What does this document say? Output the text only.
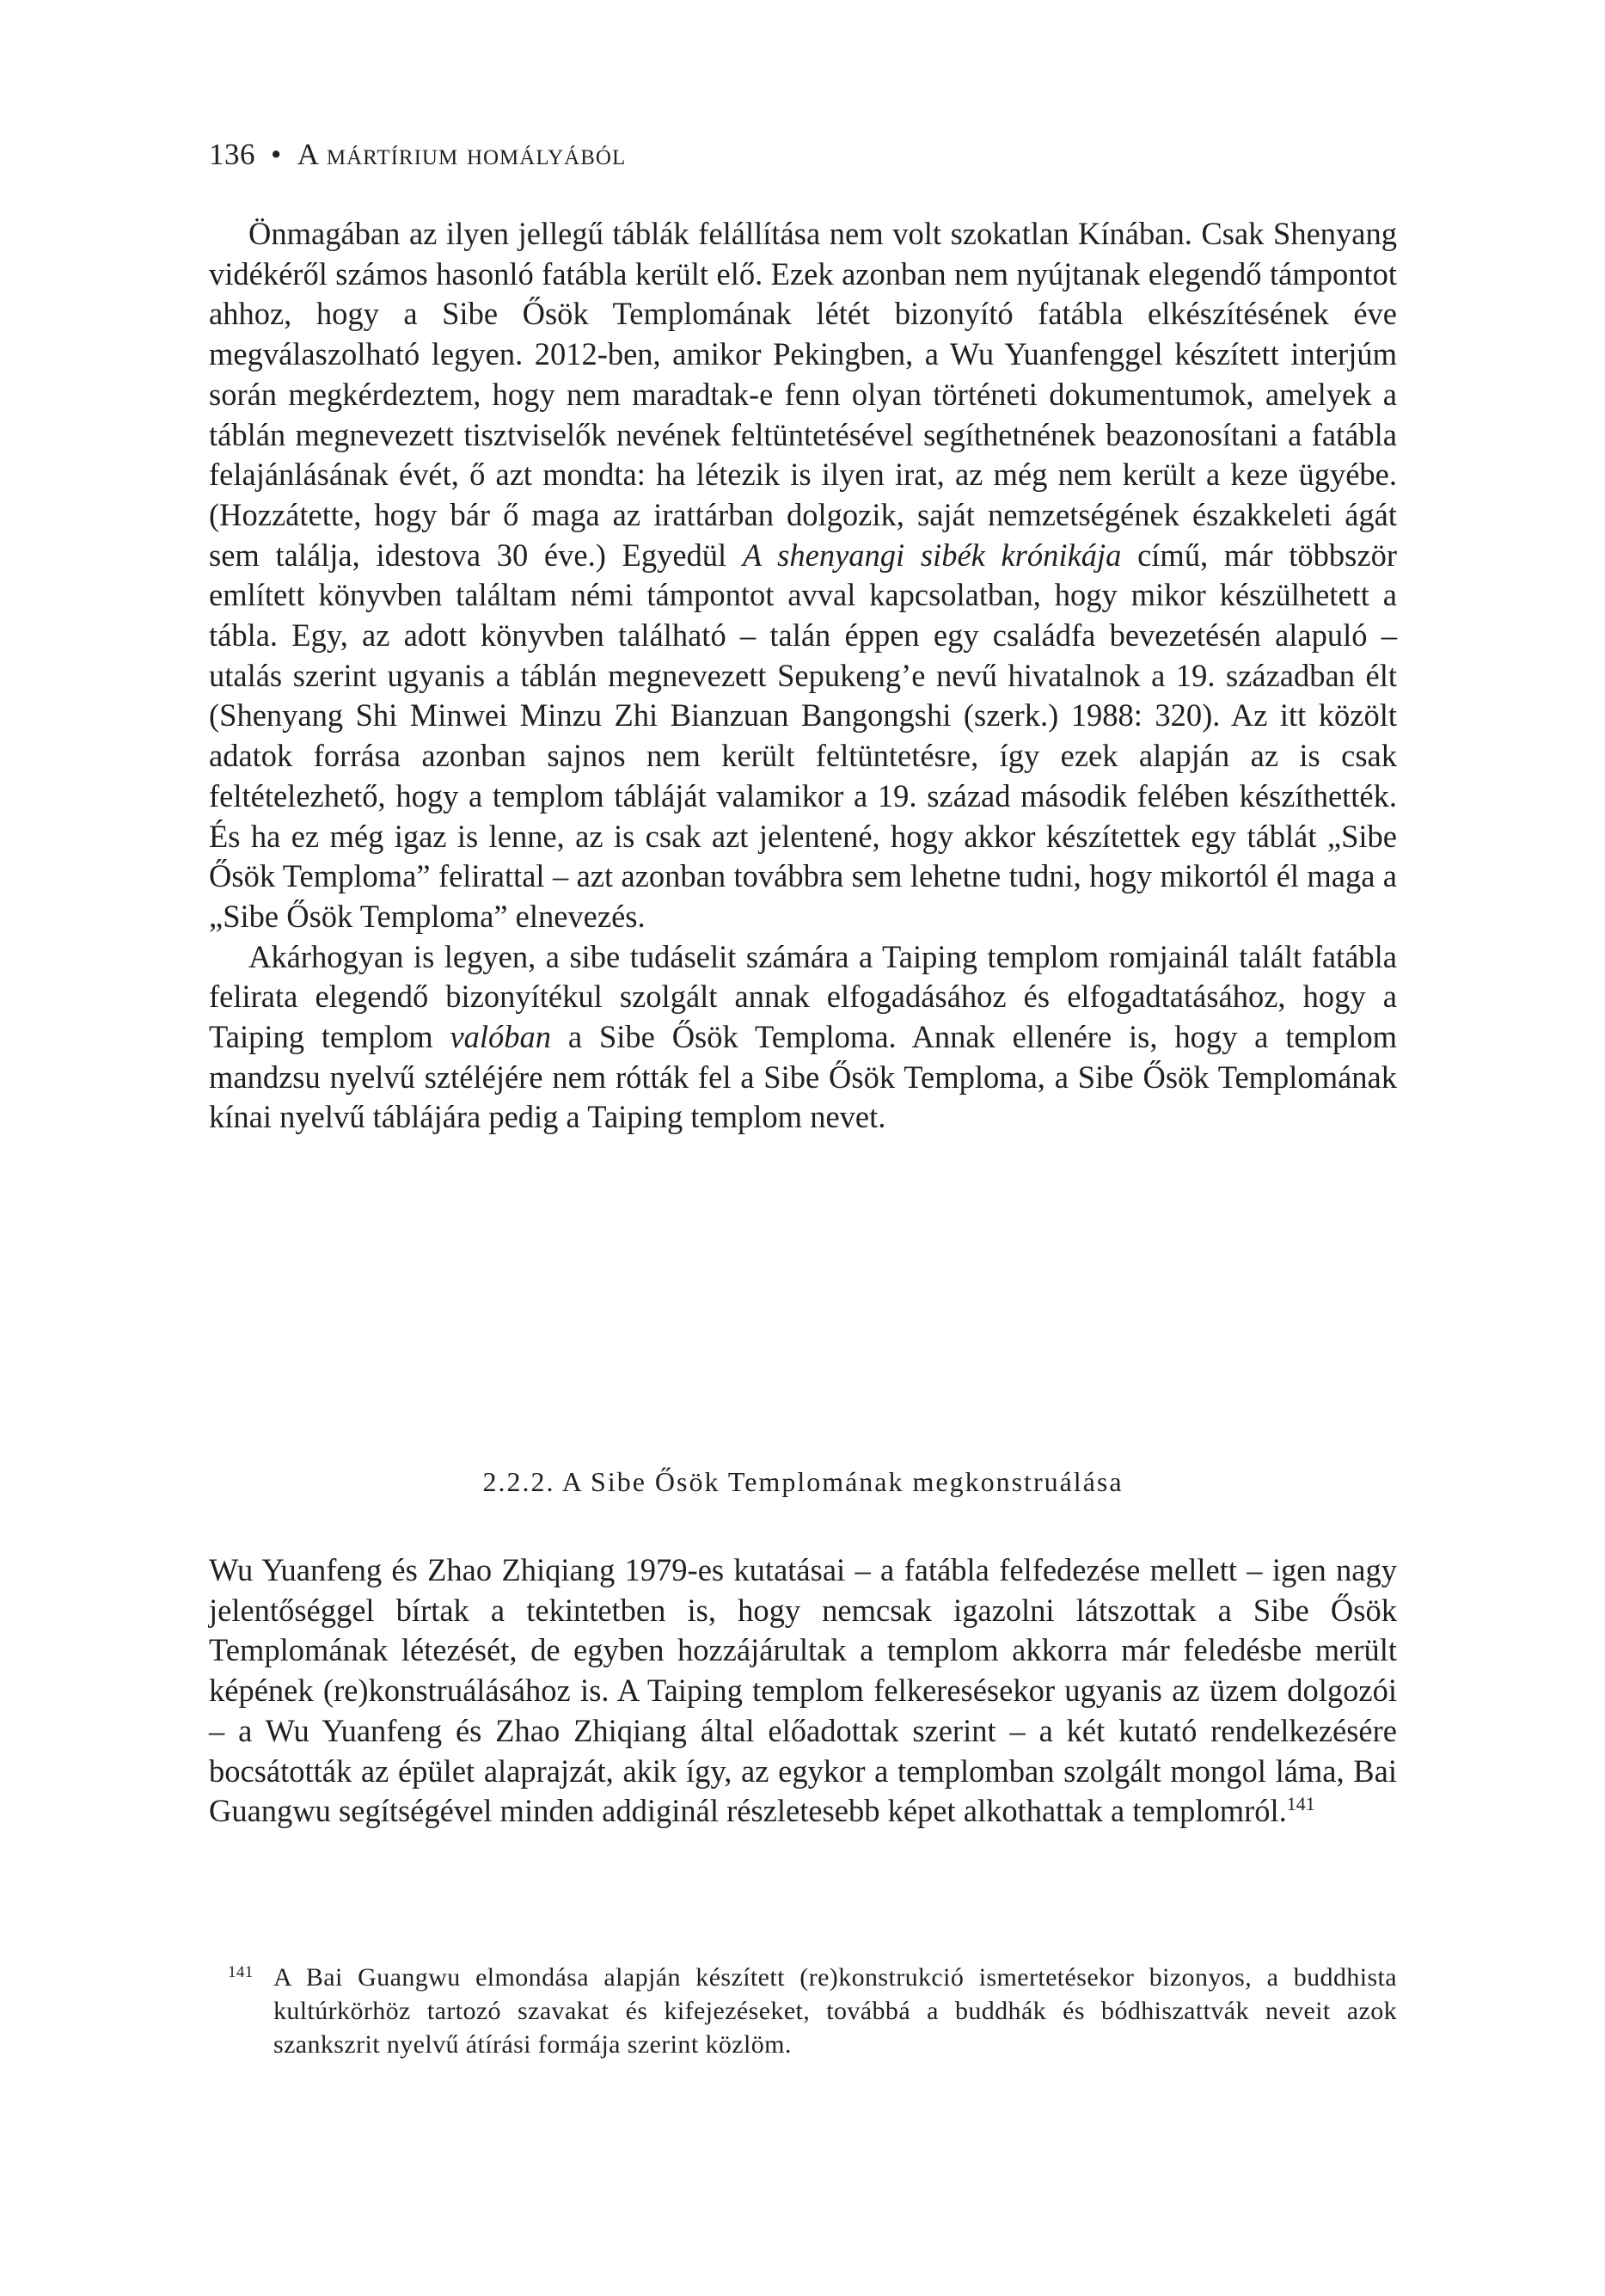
136 • A mártírium homályából

Önmagában az ilyen jellegű táblák felállítása nem volt szokatlan Kínában. Csak Shenyang vidékéről számos hasonló fatábla került elő. Ezek azonban nem nyújtanak elegendő támpontot ahhoz, hogy a Sibe Ősök Templomának létét bizonyító fatábla elkészítésének éve megválaszolható legyen. 2012-ben, amikor Pekingben, a Wu Yuanfenggel készített interjúm során megkérdeztem, hogy nem maradtak-e fenn olyan történeti dokumentumok, amelyek a táblán megnevezett tisztviselők nevének feltüntetésével segíthetnének beazonosítani a fatábla felajánlásának évét, ő azt mondta: ha létezik is ilyen irat, az még nem került a keze ügyébe. (Hozzátette, hogy bár ő maga az irattárban dolgozik, saját nemzetségének északkeleti ágát sem találja, idestova 30 éve.) Egyedül A shenyangi sibék krónikája című, már többször említett könyvben találtam némi támpontot avval kapcsolatban, hogy mikor készülhetett a tábla. Egy, az adott könyvben található – talán éppen egy családfa bevezetésén alapuló – utalás szerint ugyanis a táblán megnevezett Sepukeng’e nevű hivatalnok a 19. században élt (Shenyang Shi Minwei Minzu Zhi Bianzuan Bangongshi (szerk.) 1988: 320). Az itt közölt adatok forrása azonban sajnos nem került feltüntetésre, így ezek alapján az is csak feltételezhető, hogy a templom tábláját valamikor a 19. század második felében készíthették. És ha ez még igaz is lenne, az is csak azt jelentené, hogy akkor készítettek egy táblát „Sibe Ősök Temploma” felirattal – azt azonban továbbra sem lehetne tudni, hogy mikortól él maga a „Sibe Ősök Temploma” elnevezés.

Akárhogyan is legyen, a sibe tudáselit számára a Taiping templom romjainál talált fatábla felirata elegendő bizonyítékul szolgált annak elfogadásához és elfogadtatásához, hogy a Taiping templom valóban a Sibe Ősök Temploma. Annak ellenére is, hogy a templom mandzsu nyelvű sztéléjére nem rótták fel a Sibe Ősök Temploma, a Sibe Ősök Templomának kínai nyelvű táblájára pedig a Taiping templom nevet.

2.2.2. A Sibe Ősök Templomának megkonstruálása

Wu Yuanfeng és Zhao Zhiqiang 1979-es kutatásai – a fatábla felfedezése mellett – igen nagy jelentőséggel bírtak a tekintetben is, hogy nemcsak igazolni látszottak a Sibe Ősök Templomának létezését, de egyben hozzájárultak a templom akkorra már feledésbe merült képének (re)konstruálásához is. A Taiping templom felkeresésekor ugyanis az üzem dolgozói – a Wu Yuanfeng és Zhao Zhiqiang által előadottak szerint – a két kutató rendelkezésére bocsátották az épület alaprajzát, akik így, az egykor a templomban szolgált mongol láma, Bai Guangwu segítségével minden addiginál részletesebb képet alkothattak a templomról.$^{141}$

141 A Bai Guangwu elmondása alapján készített (re)konstrukció ismertetésekor bizonyos, a buddhista kultúrkörhöz tartozó szavakat és kifejezéseket, továbbá a buddhák és bódhiszattvák neveit azok szankszrit nyelvű átírási formája szerint közlöm.
